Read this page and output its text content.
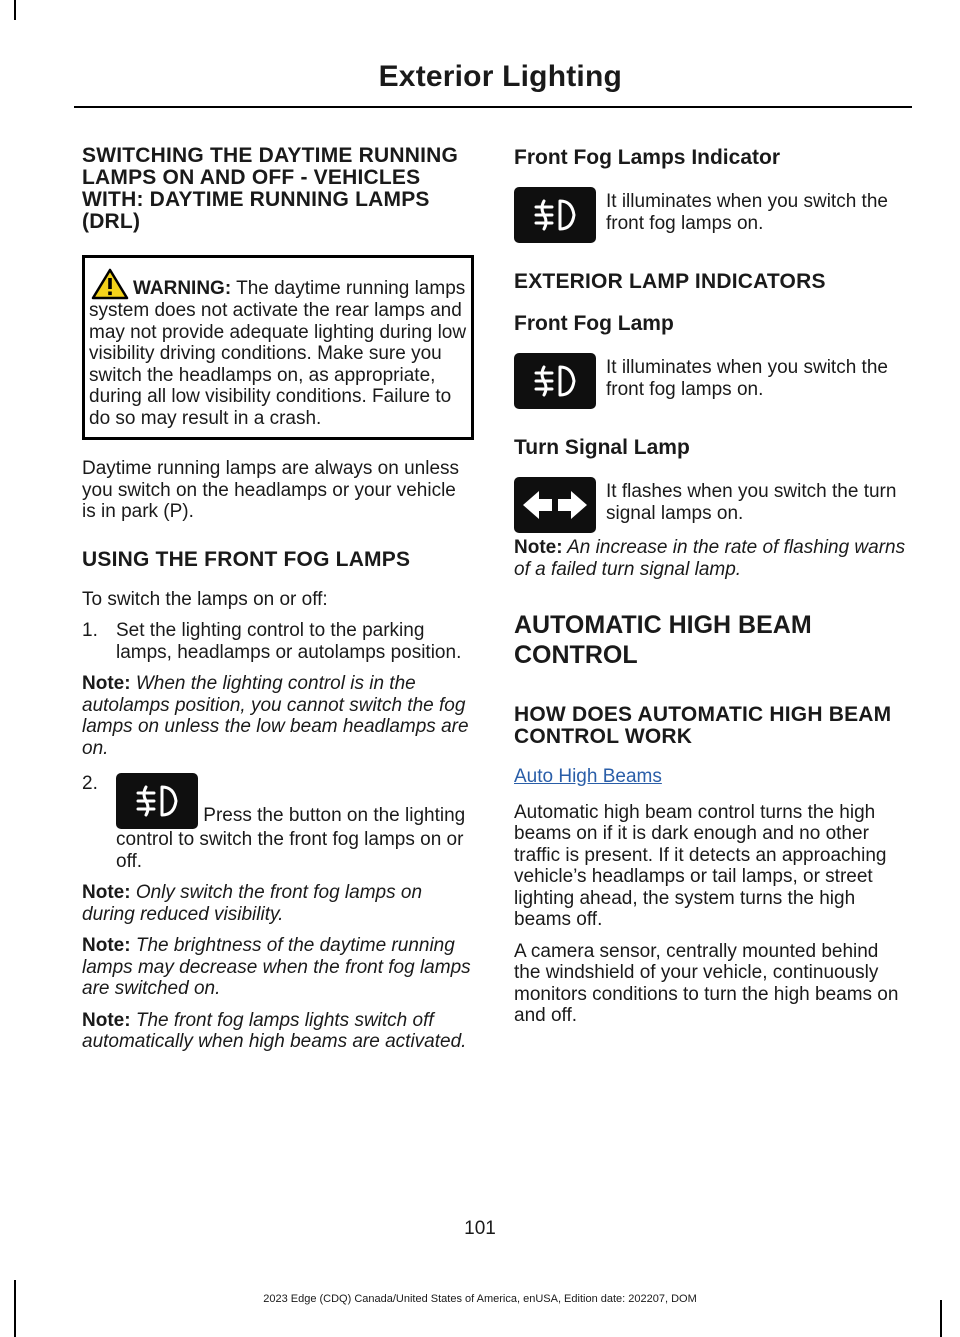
Exterior Lighting
SWITCHING THE DAYTIME RUNNING LAMPS ON AND OFF - VEHICLES WITH: DAYTIME RUNNING LAMPS (DRL)
WARNING: The daytime running lamps system does not activate the rear lamps and may not provide adequate lighting during low visibility driving conditions. Make sure you switch the headlamps on, as appropriate, during all low visibility conditions. Failure to do so may result in a crash.

Daytime running lamps are always on unless you switch on the headlamps or your vehicle is in park (P).

USING THE FRONT FOG LAMPS

To switch the lamps on or off:

1. Set the lighting control to the parking lamps, headlamps or autolamps position.

Note: When the lighting control is in the autolamps position, you cannot switch the fog lamps on unless the low beam headlamps are on.

2.
Press the button on the lighting control to switch the front fog lamps on or off.

Note: Only switch the front fog lamps on during reduced visibility.

Note: The brightness of the daytime running lamps may decrease when the front fog lamps are switched on.

Note: The front fog lamps lights switch off automatically when high beams are activated.

Front Fog Lamps Indicator
It illuminates when you switch the front fog lamps on.
EXTERIOR LAMP INDICATORS
Front Fog Lamp
It illuminates when you switch the front fog lamps on.
Turn Signal Lamp
It flashes when you switch the turn signal lamps on.

Note: An increase in the rate of flashing warns of a failed turn signal lamp.

AUTOMATIC HIGH BEAM
CONTROL
HOW DOES AUTOMATIC HIGH BEAM CONTROL WORK

Auto High Beams

Automatic high beam control turns the high beams on if it is dark enough and no other traffic is present. If it detects an approaching vehicle’s headlamps or tail lamps, or street lighting ahead, the system turns the high beams off.

A camera sensor, centrally mounted behind the windshield of your vehicle, continuously monitors conditions to turn the high beams on and off.

101
2023 Edge (CDQ) Canada/United States of America, enUSA, Edition date: 202207, DOM
